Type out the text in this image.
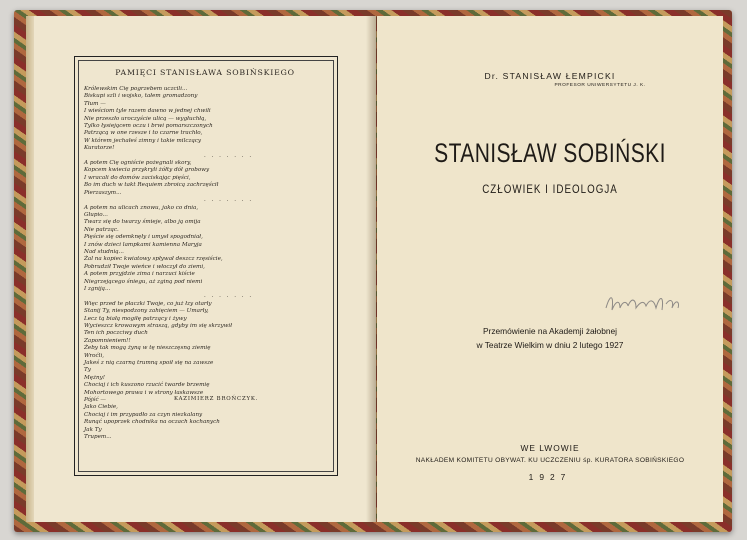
PAMIĘCI STANISŁAWA SOBIŃSKIEGO
Królewskim Cię pogrzebem uczcili...
Biskupi szli i wojsko, tałem gromadzony
Tłum —
I wieściom tyle razem dawno w jednej chwili
Nie przeszło uroczyście ulicą — wygłuchłą,
Tylko łysiejącem oczu i brwi pomarszczonych
Patrzącą w one rzesze i to czarne trachło,
W którem jechałeś zimny i takie milczący
Kuratorze!
. . . . . . .
A potem Cię ogniście pożegnali skory,
Kopcem kwiecia przykryli żółty dół grobowy
I wracali do domów zaciskając pięści,
Bo im duch w takt Requiem zbroicą zachrzęścił
Pierzaszym...
. . . . . . .
A potem na ulicach znowu, jako co dnia,
Głupio...
Twarz się do twarzy śmieje, albo ją omija
Nie patrząc.
Pięście się odemknęły i umysł spogodniał,
I znów dzieci lampkami kamienna Maryja
Nad studnią...
Żal na kopiec kwiatowy spływał deszcz rzęsiście,
Pobrudził Twoje wieńce i włoczył do ziemi,
A potem przyjdzie zima i narzuci kiście
Niegrzejącego śniegu, aż zginą pod niemi
I zgniją...
. . . . . . .
Więc przed te płaczki Twoje, co już łzy otarły
Stanij Ty, niespodzony zahięciem — Umarły,
Lecz tą białą mogiłę patrzący i żywy
Wycieszcz krowawym straszą, gdyby im się skrzywił
Ten ich poczciwy duch
Zapomnieniem!!
Żeby tak mogą żyną w tę nieszczęsną ziemię
Wroćli,
Jakeś z nią czarną trumną spoił się na zawsze
Ty
Mężny!
Chociaj i ich kuszono rzucić twarde brzemię
Mohortowego prawa i w strony łaskawsze
Pójść —
Jako Ciebie,
Chociaj i im przypadło za czyn niezkalany
Runąć upoprzek chodnika na oczach kochanych
Jak Ty
Trupem...
KAZIMIERZ BROŃCZYK.
Dr. STANISŁAW ŁEMPICKI
PROFESOR UNIWERSYTETU J. K.
STANISŁAW SOBIŃSKI
CZŁOWIEK I IDEOLOGJA
Przemówienie na Akademji żałobnej
w Teatrze Wielkim w dniu 2 lutego 1927
WE LWOWIE
NAKŁADEM KOMITETU OBYWAT. KU UCZCZENIU śp. KURATORA SOBIŃSKIEGO
1927
